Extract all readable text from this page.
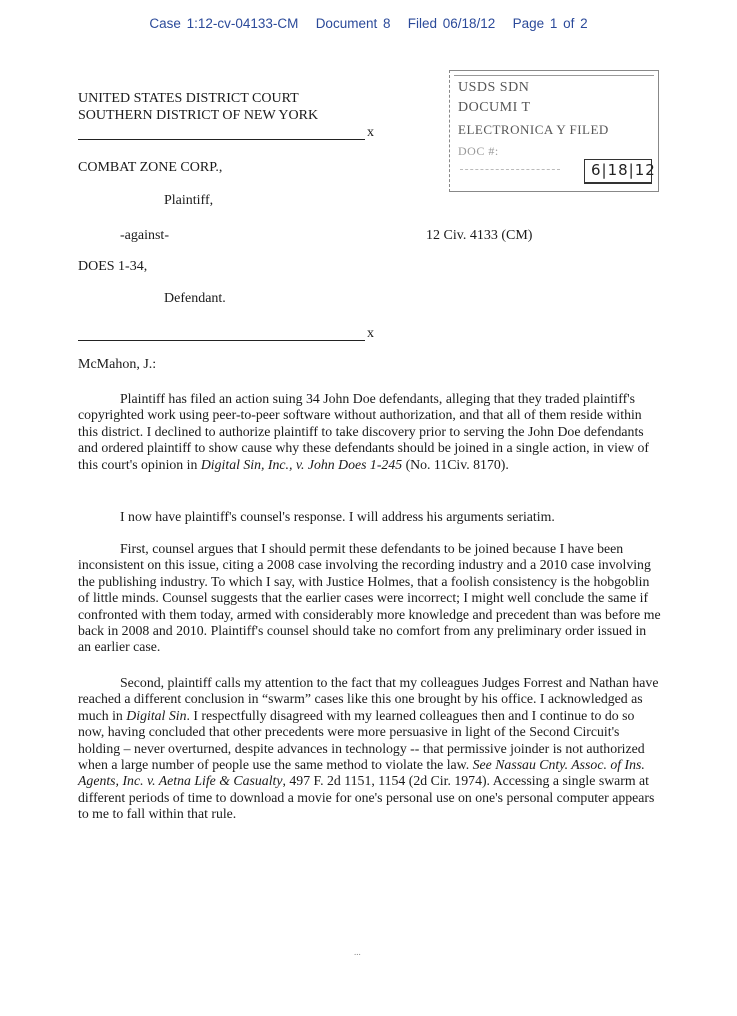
Case 1:12-cv-04133-CM Document 8 Filed 06/18/12 Page 1 of 2
UNITED STATES DISTRICT COURT
SOUTHERN DISTRICT OF NEW YORK
x
USDS SDN
DOCUMI T
ELECTRONICA Y FILED
DOC #:
6|18|12
COMBAT ZONE CORP.,
Plaintiff,
-against-	12 Civ. 4133 (CM)
DOES 1-34,
Defendant.
x
McMahon, J.:
Plaintiff has filed an action suing 34 John Doe defendants, alleging that they traded plaintiff's copyrighted work using peer-to-peer software without authorization, and that all of them reside within this district. I declined to authorize plaintiff to take discovery prior to serving the John Doe defendants and ordered plaintiff to show cause why these defendants should be joined in a single action, in view of this court's opinion in Digital Sin, Inc., v. John Does 1-245 (No. 11Civ. 8170).
I now have plaintiff's counsel's response. I will address his arguments seriatim.
First, counsel argues that I should permit these defendants to be joined because I have been inconsistent on this issue, citing a 2008 case involving the recording industry and a 2010 case involving the publishing industry. To which I say, with Justice Holmes, that a foolish consistency is the hobgoblin of little minds. Counsel suggests that the earlier cases were incorrect; I might well conclude the same if confronted with them today, armed with considerably more knowledge and precedent than was before me back in 2008 and 2010. Plaintiff's counsel should take no comfort from any preliminary order issued in an earlier case.
Second, plaintiff calls my attention to the fact that my colleagues Judges Forrest and Nathan have reached a different conclusion in “swarm” cases like this one brought by his office. I acknowledged as much in Digital Sin. I respectfully disagreed with my learned colleagues then and I continue to do so now, having concluded that other precedents were more persuasive in light of the Second Circuit's holding – never overturned, despite advances in technology -- that permissive joinder is not authorized when a large number of people use the same method to violate the law. See Nassau Cnty. Assoc. of Ins. Agents, Inc. v. Aetna Life & Casualty, 497 F. 2d 1151, 1154 (2d Cir. 1974). Accessing a single swarm at different periods of time to download a movie for one's personal use on one's personal computer appears to me to fall within that rule.
...
